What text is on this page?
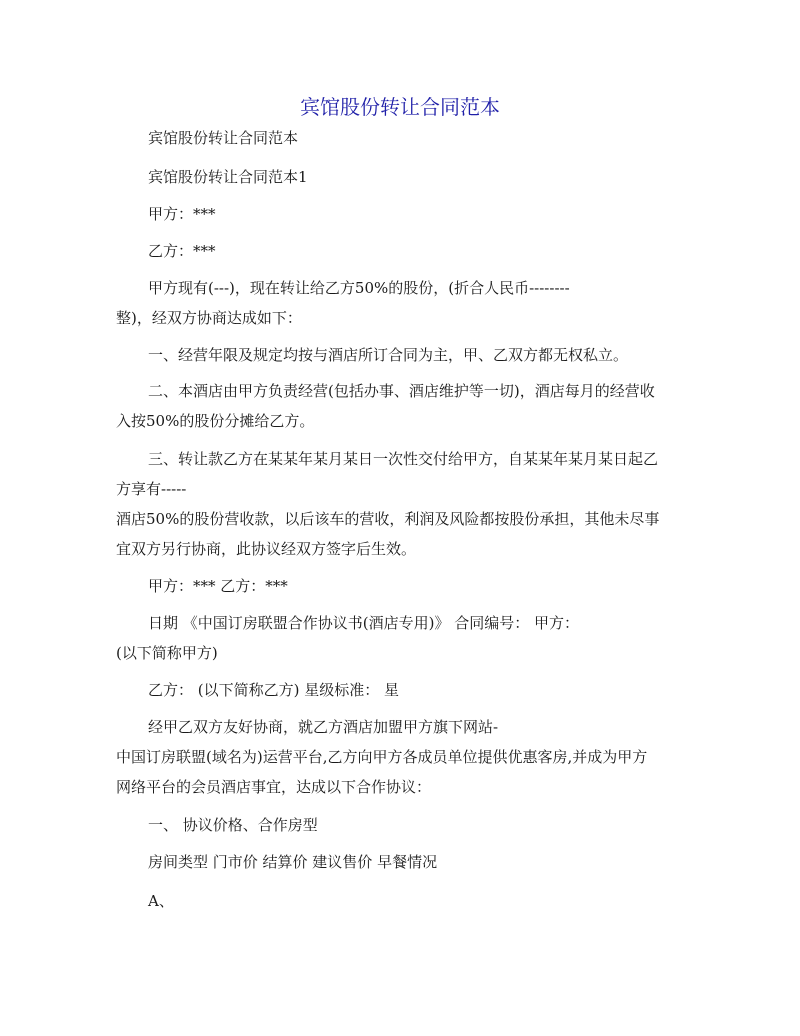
宾馆股份转让合同范本
宾馆股份转让合同范本
宾馆股份转让合同范本1
甲方：***
乙方：***
甲方现有(---)，现在转让给乙方50%的股份，(折合人民币--------
整)，经双方协商达成如下：
一、经营年限及规定均按与酒店所订合同为主，甲、乙双方都无权私立。
二、本酒店由甲方负责经营(包括办事、酒店维护等一切)，酒店每月的经营收
入按50%的股份分摊给乙方。
三、转让款乙方在某某年某月某日一次性交付给甲方，自某某年某月某日起乙
方享有-----
酒店50%的股份营收款，以后该车的营收，利润及风险都按股份承担，其他未尽事
宜双方另行协商，此协议经双方签字后生效。
甲方：*** 乙方：***
日期 《中国订房联盟合作协议书(酒店专用)》 合同编号： 甲方：
(以下简称甲方)
乙方： (以下简称乙方) 星级标准： 星
经甲乙双方友好协商，就乙方酒店加盟甲方旗下网站-
中国订房联盟(域名为)运营平台,乙方向甲方各成员单位提供优惠客房,并成为甲方
网络平台的会员酒店事宜，达成以下合作协议：
一、 协议价格、合作房型
房间类型 门市价 结算价 建议售价 早餐情况
A、
